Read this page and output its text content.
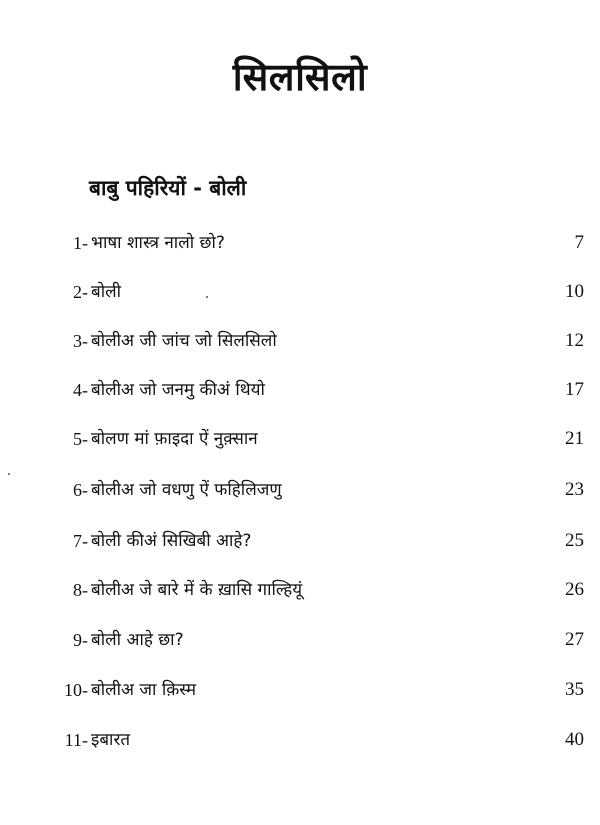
सिलसिलो
बाबु पहिरियों - बोली
1- भाषा शास्त्र नालो छो?	7
2- बोली	10
3- बोलीअ जी जांच जो सिलसिलो	12
4- बोलीअ जो जनमु कीअं थियो	17
5- बोलण मां फ़ाइदा ऐं नुक़्सान	21
6- बोलीअ जो वधणु ऐं फहिलिजणु	23
7- बोली कीअं सिखिबी आहे?	25
8- बोलीअ जे बारे में के ख़ासि गाल्हियूं	26
9- बोली आहे छा?	27
10- बोलीअ जा क़िस्म	35
11- इबारत	40
